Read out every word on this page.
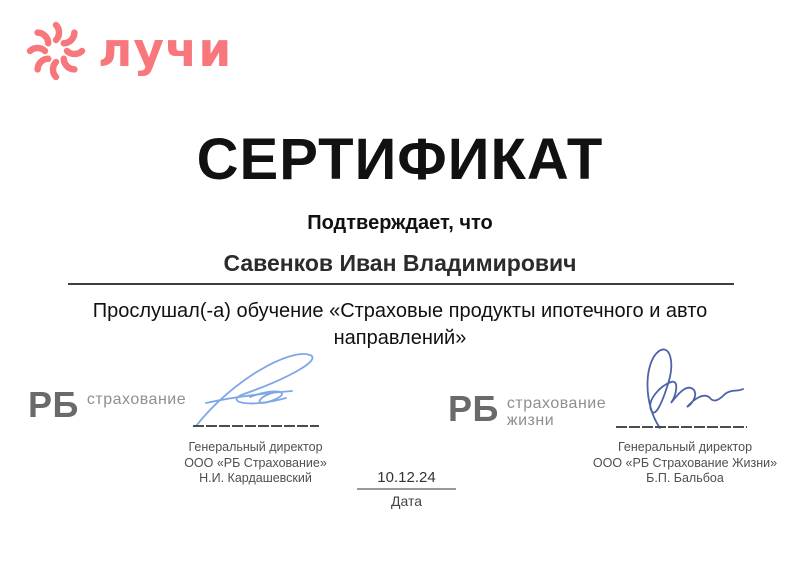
лучи
СЕРТИФИКАТ
Подтверждает, что
Савенков Иван Владимирович
Прослушал(-а) обучение «Страховые продукты ипотечного и авто
направлений»
РБ страхование
Генеральный директор
ООО «РБ Страхование»
Н.И. Кардашевский
РБ страхование
жизни
Генеральный директор
ООО «РБ Страхование Жизни»
Б.П. Бальбоа
10.12.24
Дата
